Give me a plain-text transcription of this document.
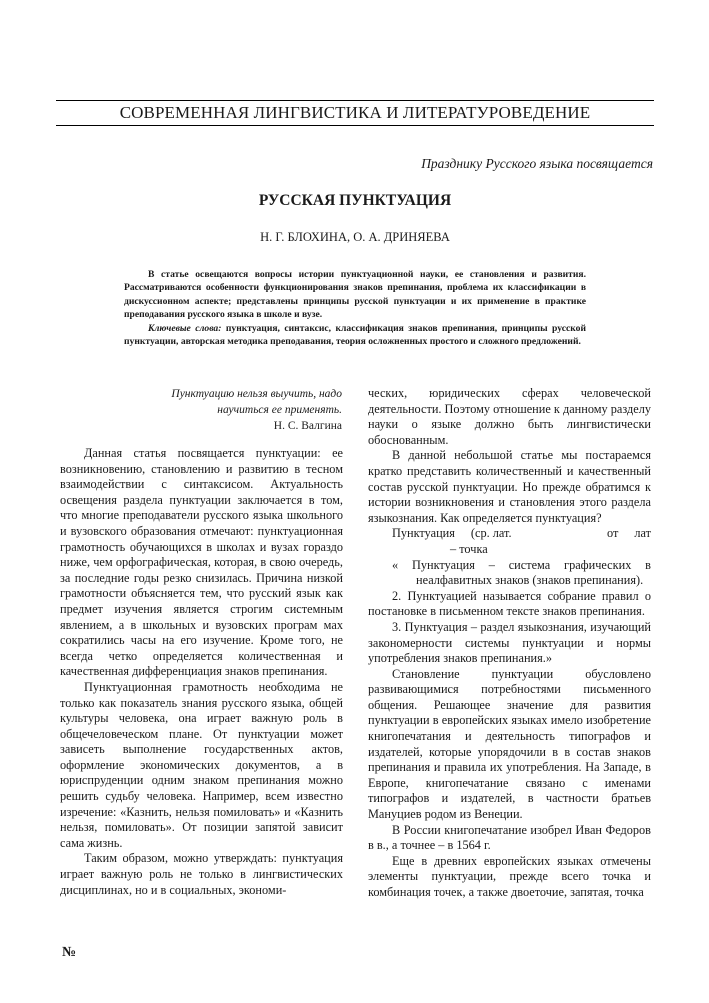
СОВРЕМЕННАЯ ЛИНГВИСТИКА И ЛИТЕРАТУРОВЕДЕНИЕ
Празднику Русского языка посвящается
РУССКАЯ ПУНКТУАЦИЯ
Н. Г. БЛОХИНА, О. А. ДРИНЯЕВА

В статье освещаются вопросы истории пунктуационной науки, ее становления и развития. Рассматриваются особенности функционирования знаков препинания, проблема их классификации в дискуссионном аспекте; представлены принципы русской пунктуации и их применение в практике преподавания русского языка в школе и вузе.

Ключевые слова: пунктуация, синтаксис, классификация знаков препинания, принципы русской пунктуации, авторская методика преподавания, теория осложненных простого и сложного предложений.

Пунктуацию нельзя выучить, надо
научиться ее применять.
Н. С. Валгина

Данная статья посвящается пунктуации: ее возникновению, становлению и развитию в тесном взаимодействии с синтаксисом. Актуальность освещения раздела пунктуации заключается в том, что многие преподаватели русского языка школьного и вузовского образования отмечают: пунктуационная грамотность обучающихся в школах и вузах гораздо ниже, чем орфографическая, которая, в свою очередь, за последние годы резко снизилась. Причина низкой грамотности объясняется тем, что русский язык как предмет изучения является строгим системным явлением, а в школьных и вузовских програм мах сократились часы на его изучение. Кроме того, не всегда четко определяется количественная и качественная дифференциация знаков препинания.

Пунктуационная грамотность необходима не только как показатель знания русского языка, общей культуры человека, она играет важную роль в общечеловеческом плане. От пунктуации может зависеть выполнение государственных актов, оформление экономических документов, а в юриспруденции одним знаком препинания можно решить судьбу человека. Например, всем известно изречение: «Казнить, нельзя помиловать» и «Казнить нельзя, помиловать». От позиции запятой зависит сама жизнь.

Таким образом, можно утверждать: пунктуация играет важную роль не только в лингвистических дисциплинах, но и в социальных, экономи-

ческих, юридических сферах человеческой деятельности. Поэтому отношение к данному разделу науки о языке должно быть лингвистически обоснованным.

В данной небольшой статье мы постараемся кратко представить количественный и качественный состав русской пунктуации. Но прежде обратимся к истории возникновения и становления этого раздела языкознания. Как определяется пунктуация?

Пунктуация (ср. лат.	от лат

– точка

« Пунктуация – система графических в неалфавитных знаков (знаков препинания).

2. Пунктуацией называется собрание правил о постановке в письменном тексте знаков препинания.

3. Пунктуация – раздел языкознания, изучающий закономерности системы пунктуации и нормы употребления знаков препинания.»

Становление пунктуации обусловлено развивающимися потребностями письменного общения. Решающее значение для развития пунктуации в европейских языках имело изобретение книгопечатания и деятельность типографов и издателей, которые упорядочили в в состав знаков препинания и правила их употребления. На Западе, в Европе, книгопечатание связано с именами типографов и издателей, в частности братьев Мануциев родом из Венеции.

В России книгопечатание изобрел Иван Федоров в в., а точнее – в 1564 г.

Еще в древних европейских языках отмечены элементы пунктуации, прежде всего точка и комбинация точек, а также двоеточие, запятая, точка

№
